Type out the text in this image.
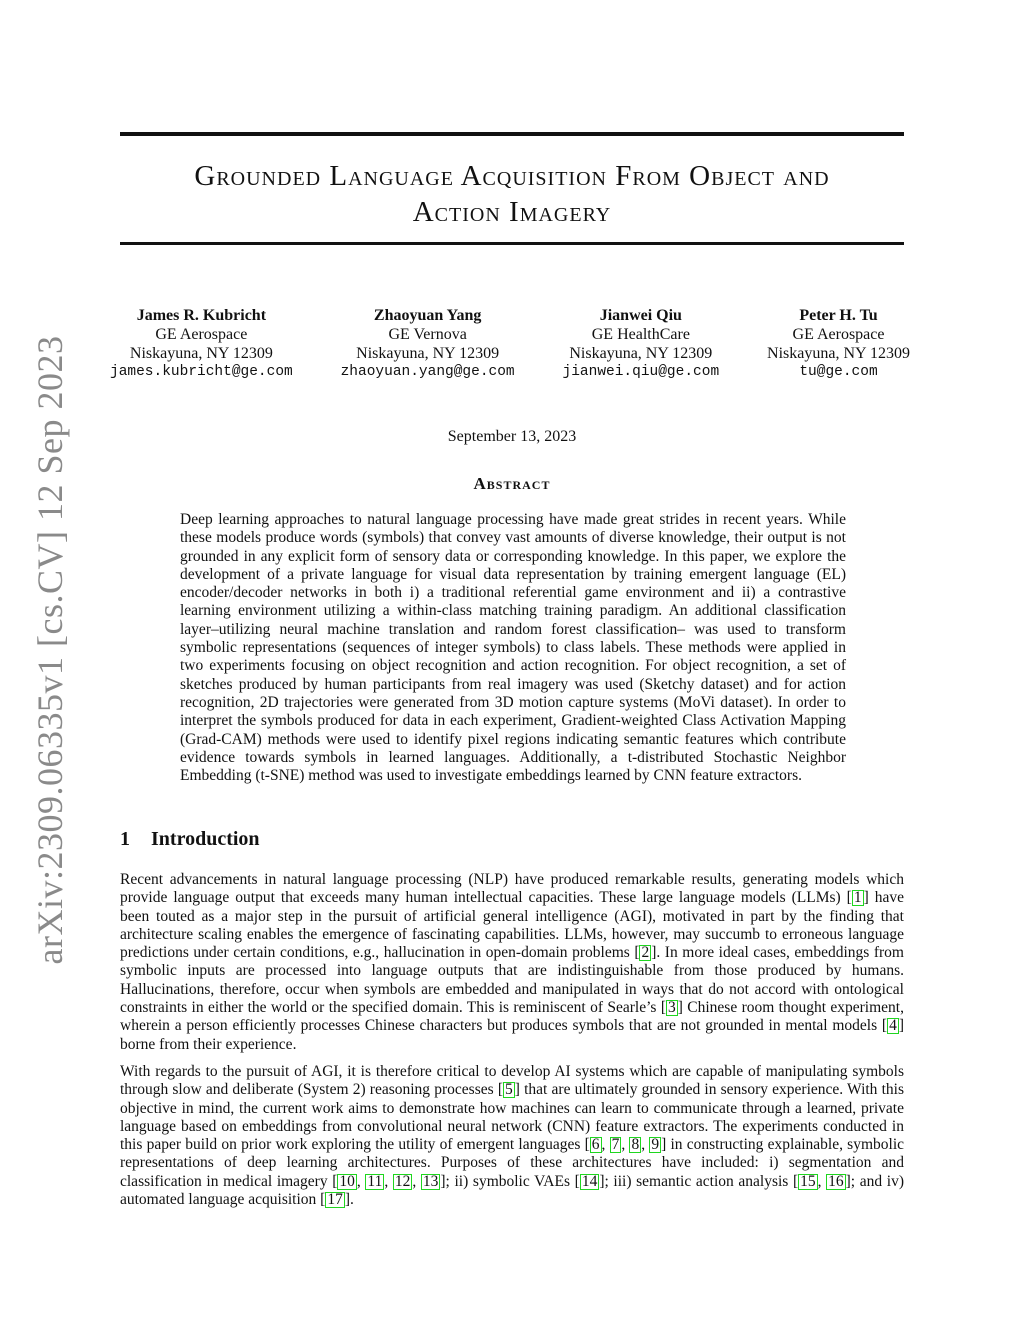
arXiv:2309.06335v1 [cs.CV] 12 Sep 2023
Grounded Language Acquisition From Object and
Action Imagery
James R. Kubricht
GE Aerospace
Niskayuna, NY 12309
james.kubricht@ge.com
Zhaoyuan Yang
GE Vernova
Niskayuna, NY 12309
zhaoyuan.yang@ge.com
Jianwei Qiu
GE HealthCare
Niskayuna, NY 12309
jianwei.qiu@ge.com
Peter H. Tu
GE Aerospace
Niskayuna, NY 12309
tu@ge.com
September 13, 2023
Abstract
Deep learning approaches to natural language processing have made great strides in recent years. While these models produce words (symbols) that convey vast amounts of diverse knowledge, their output is not grounded in any explicit form of sensory data or corresponding knowledge. In this paper, we explore the development of a private language for visual data representation by training emergent language (EL) encoder/decoder networks in both i) a traditional referential game environment and ii) a contrastive learning environment utilizing a within-class matching training paradigm. An additional classification layer–utilizing neural machine translation and random forest classification– was used to transform symbolic representations (sequences of integer symbols) to class labels. These methods were applied in two experiments focusing on object recognition and action recognition. For object recognition, a set of sketches produced by human participants from real imagery was used (Sketchy dataset) and for action recognition, 2D trajectories were generated from 3D motion capture systems (MoVi dataset). In order to interpret the symbols produced for data in each experiment, Gradient-weighted Class Activation Mapping (Grad-CAM) methods were used to identify pixel regions indicating semantic features which contribute evidence towards symbols in learned languages. Additionally, a t-distributed Stochastic Neighbor Embedding (t-SNE) method was used to investigate embeddings learned by CNN feature extractors.
1 Introduction

Recent advancements in natural language processing (NLP) have produced remarkable results, generating models which provide language output that exceeds many human intellectual capacities. These large language models (LLMs) [ 1 ] have been touted as a major step in the pursuit of artificial general intelligence (AGI), motivated in part by the finding that architecture scaling enables the emergence of fascinating capabilities. LLMs, however, may succumb to erroneous language predictions under certain conditions, e.g., hallucination in open-domain problems [ 2 ]. In more ideal cases, embeddings from symbolic inputs are processed into language outputs that are indistinguishable from those produced by humans. Hallucinations, therefore, occur when symbols are embedded and manipulated in ways that do not accord with ontological constraints in either the world or the specified domain. This is reminiscent of Searle’s [ 3 ] Chinese room thought experiment, wherein a person efficiently processes Chinese characters but produces symbols that are not grounded in mental models [ 4 ] borne from their experience.

With regards to the pursuit of AGI, it is therefore critical to develop AI systems which are capable of manipulating symbols through slow and deliberate (System 2) reasoning processes [ 5 ] that are ultimately grounded in sensory experience. With this objective in mind, the current work aims to demonstrate how machines can learn to communicate through a learned, private language based on embeddings from convolutional neural network (CNN) feature extractors. The experiments conducted in this paper build on prior work exploring the utility of emergent languages [ 6 , 7 , 8 , 9 ] in constructing explainable, symbolic representations of deep learning architectures. Purposes of these architectures have included: i) segmentation and classification in medical imagery [ 10 , 11 , 12 , 13 ]; ii) symbolic VAEs [ 14 ]; iii) semantic action analysis [ 15 , 16 ]; and iv) automated language acquisition [ 17 ].
